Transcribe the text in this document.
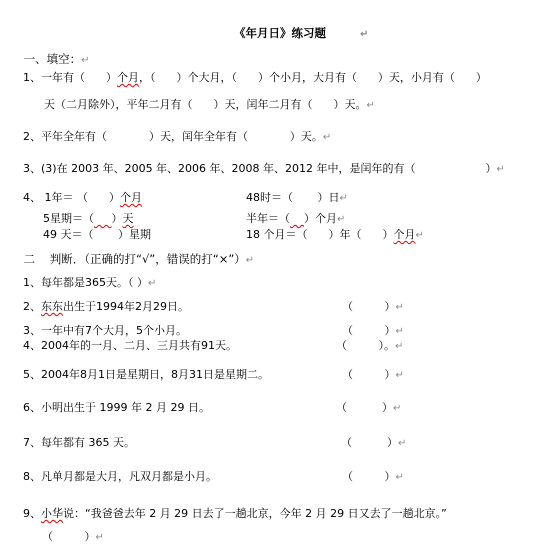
《年月日》练习题	↵

一、填空：↵

1、一年有（      ）个月，（      ）个大月，（      ）个小月，大月有（      ）天，小月有（      ）

天（二月除外），平年二月有（      ）天，闰年二月有（      ）天。↵

2、平年全年有（            ）天，闰年全年有（            ）天。↵

3、(3)在 2003 年、2005 年、2006 年、2008 年、2012 年中，是闰年的有（                    ）↵

4、 1年＝ （      ）个月
	48时＝（       ）日↵

5星期＝（ ）天
	半年＝（ ）个月↵

49 天＝（       ）星期
	18 个月＝（      ）年（      ）个月↵

二    判断．（正确的打“√”，错误的打“×”）↵

1、每年都是365天。（ ）↵

2、东东出生于1994年2月29日。
	（         ）↵

3、一年中有7个大月，5个小月。
	（         ）↵

4、2004年的一月、二月、三月共有91天。
	（         ）。↵

5、2004年8月1日是星期日，8月31日是星期二。
	（         ）↵

6、小明出生于 1999 年 2 月 29 日。
	（          ）↵

7、每年都有 365 天。
	（          ）↵

8、凡单月都是大月，凡双月都是小月。
	（         ）↵

9、小华说：“我爸爸去年 2 月 29 日去了一趟北京，今年 2 月 29 日又去了一趟北京。”

（         ）↵
